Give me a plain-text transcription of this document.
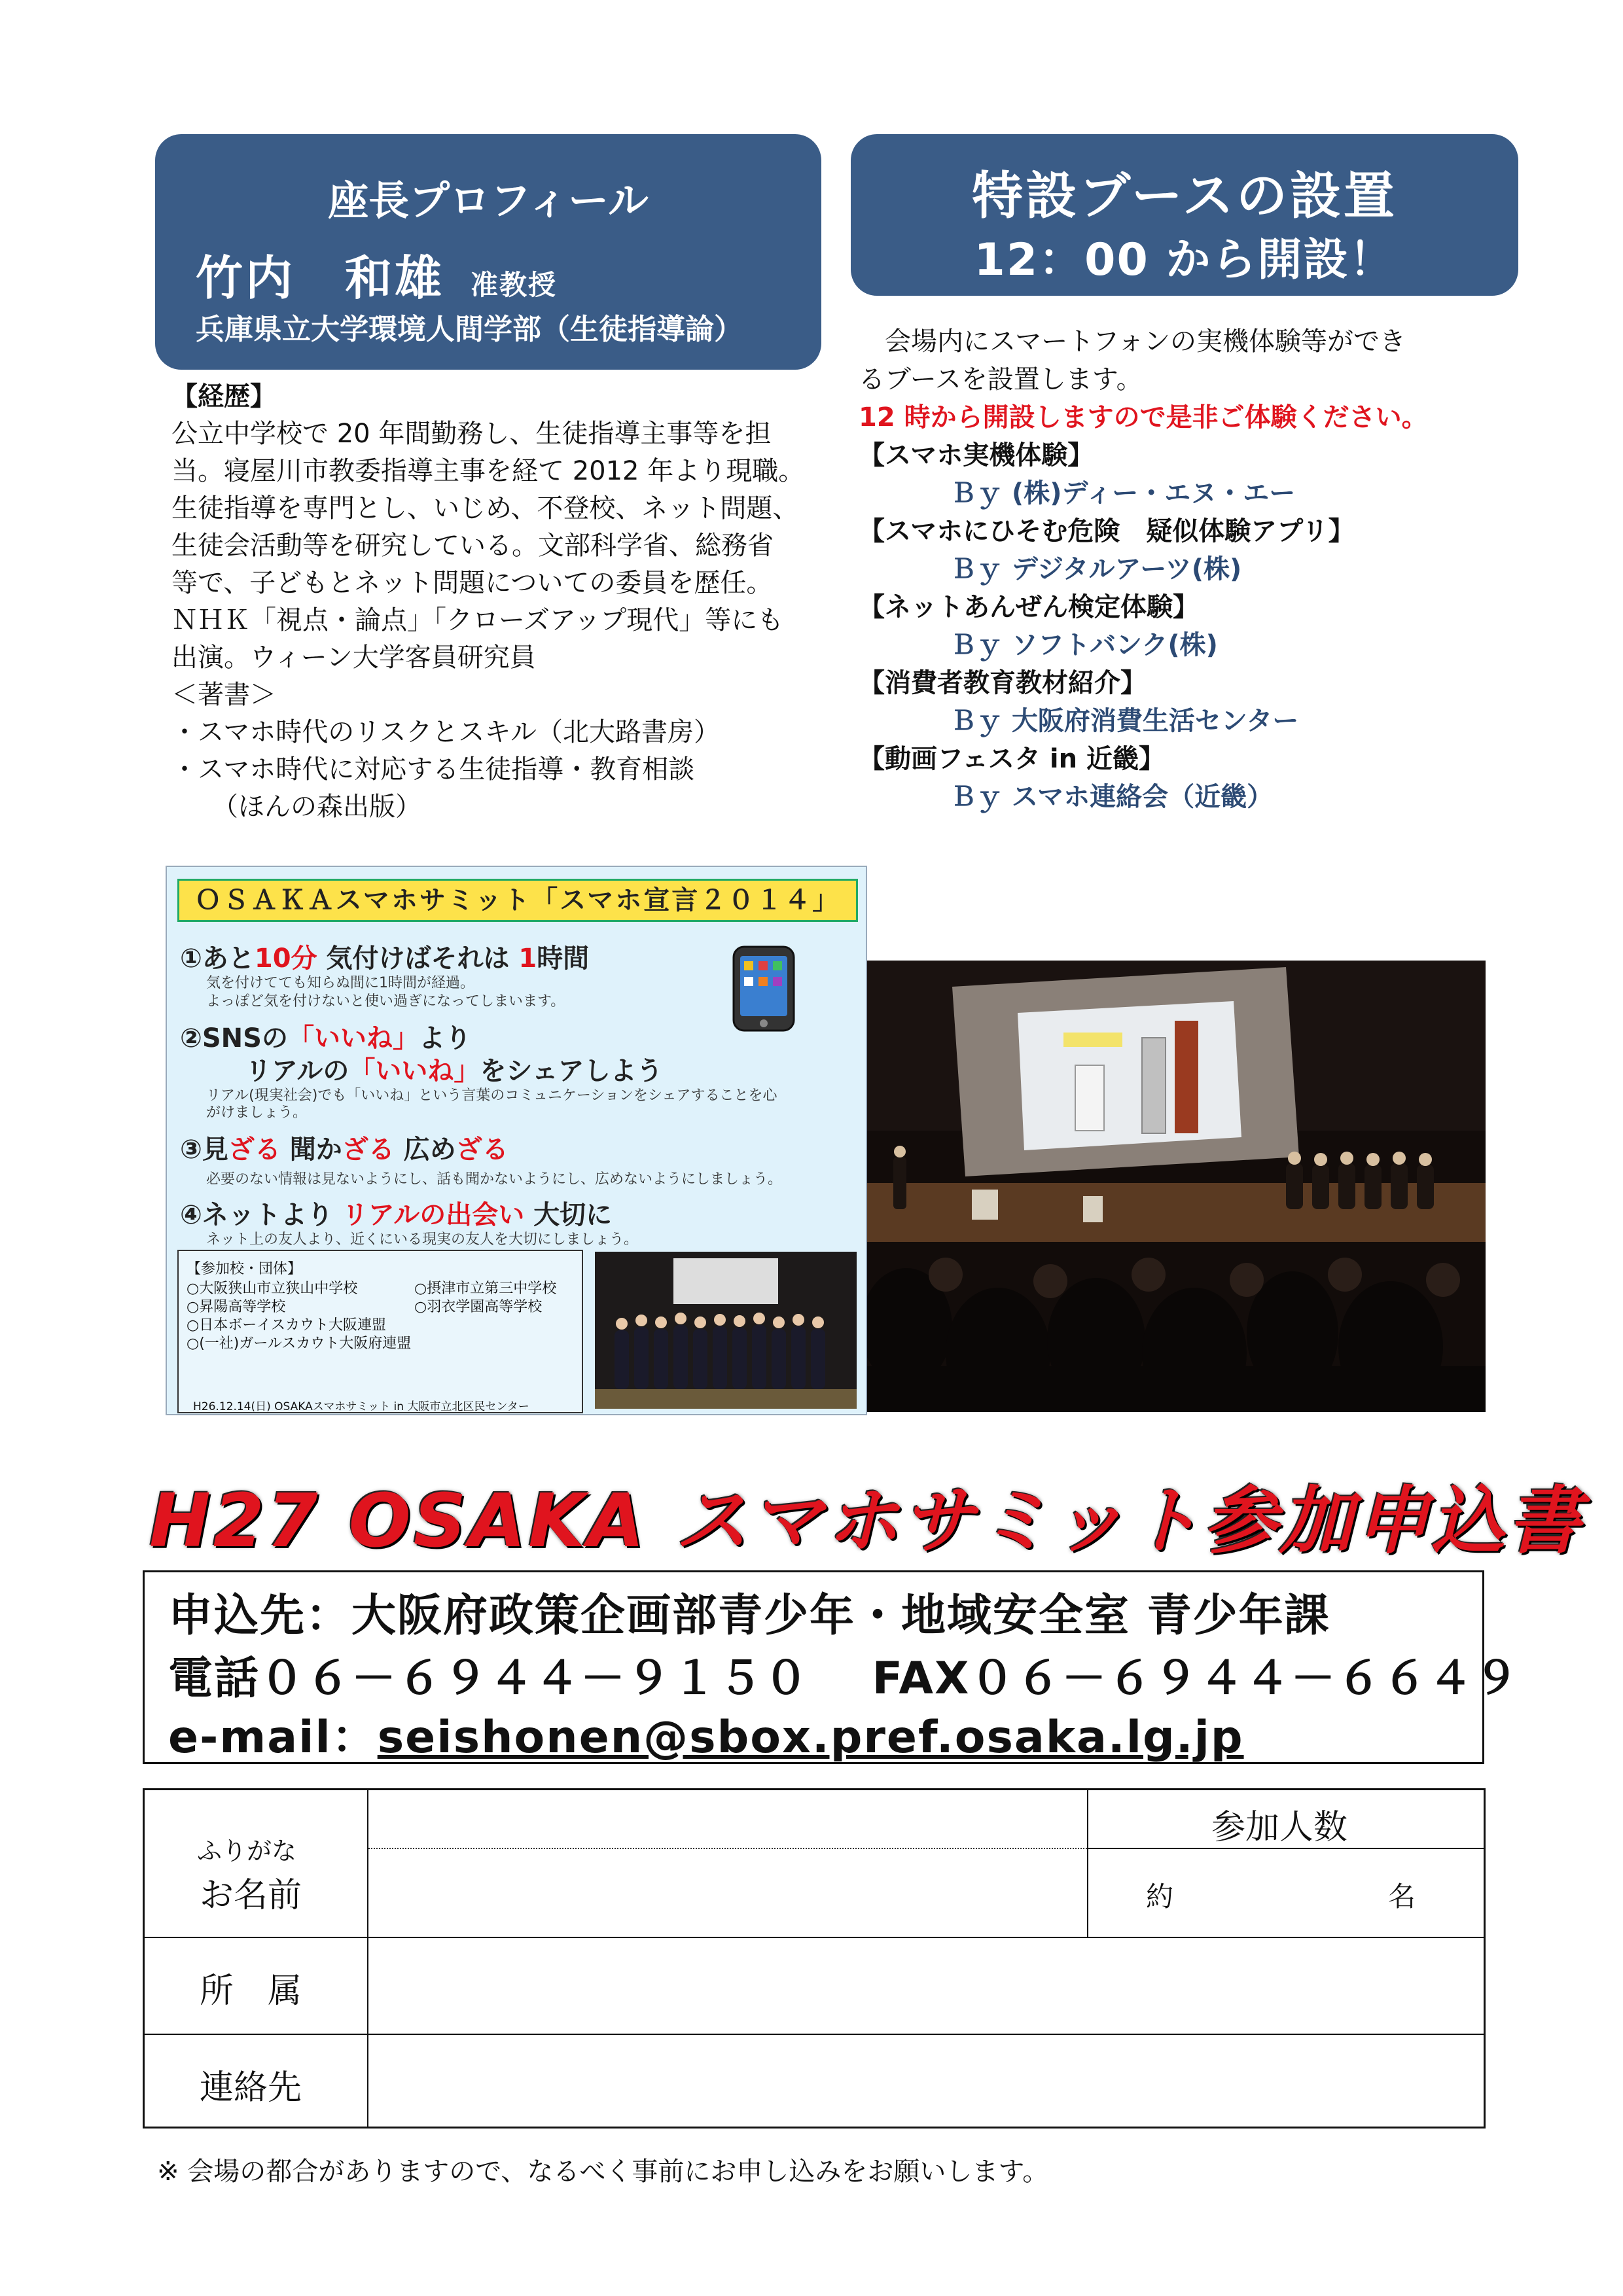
座長プロフィール
竹内　和雄 准教授
兵庫県立大学環境人間学部（生徒指導論）
特設ブースの設置
12：00 から開設！
【経歴】
公立中学校で 20 年間勤務し、生徒指導主事等を担
当。寝屋川市教委指導主事を経て 2012 年より現職。
生徒指導を専門とし、いじめ、不登校、ネット問題、
生徒会活動等を研究している。文部科学省、総務省
等で、子どもとネット問題についての委員を歴任。
ＮＨＫ「視点・論点」「クローズアップ現代」等にも
出演。ウィーン大学客員研究員
＜著書＞
・スマホ時代のリスクとスキル（北大路書房）
・スマホ時代に対応する生徒指導・教育相談
（ほんの森出版）
会場内にスマートフォンの実機体験等ができ
るブースを設置します。
12 時から開設しますので是非ご体験ください。
【スマホ実機体験】
Ｂｙ (株)ディー・エヌ・エー
【スマホにひそむ危険　疑似体験アプリ】
Ｂｙ デジタルアーツ(株)
【ネットあんぜん検定体験】
Ｂｙ ソフトバンク(株)
【消費者教育教材紹介】
Ｂｙ 大阪府消費生活センター
【動画フェスタ in 近畿】
Ｂｙ スマホ連絡会（近畿）
ＯＳＡＫＡスマホサミット「スマホ宣言２０１４」
①あと10分 気付けばそれは 1時間
気を付けてても知らぬ間に1時間が経過。
よっぽど気を付けないと使い過ぎになってしまいます。
②SNSの「いいね」より
リアルの「いいね」をシェアしよう
リアル(現実社会)でも「いいね」という言葉のコミュニケーションをシェアすることを心
がけましょう。
③見ざる 聞かざる 広めざる
必要のない情報は見ないようにし、話も聞かないようにし、広めないようにしましょう。
④ネットより リアルの出会い 大切に
ネット上の友人より、近くにいる現実の友人を大切にしましょう。
【参加校・団体】
○大阪狭山市立狭山中学校	○摂津市立第三中学校
○昇陽高等学校	○羽衣学園高等学校
○日本ボーイスカウト大阪連盟
○(一社)ガールスカウト大阪府連盟
H26.12.14(日) OSAKAスマホサミット in 大阪市立北区民センター
H27 OSAKA スマホサミット参加申込書
申込先：大阪府政策企画部青少年・地域安全室 青少年課
電話０６－６９４４－９１５０　 FAX０６－６９４４－６６４９
e-mail：seishonen@sbox.pref.osaka.lg.jp
ふりがな
お名前
参加人数
約	名
所　属
連絡先
※ 会場の都合がありますので、なるべく事前にお申し込みをお願いします。
